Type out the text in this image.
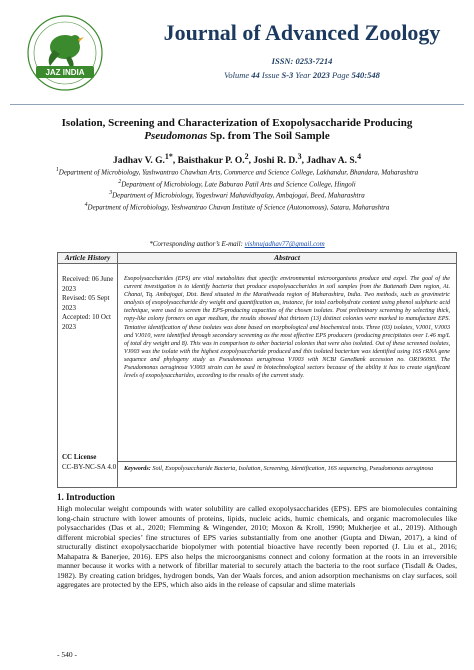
JAZ INDIA
Journal of Advanced Zoology
ISSN: 0253-7214
Volume 44 Issue S-3 Year 2023 Page 540:548
Isolation, Screening and Characterization of Exopolysaccharide Producing
Pseudomonas Sp. from The Soil Sample
Jadhav V. G.$^{1*}$, Baisthakur P. O.$^2$, Joshi R. D.$^3$, Jadhav A. S.$^4$
$^1$Department of Microbiology, Yashwantrao Chawhan Arts, Commerce and Science College, Lakhandur, Bhandara, Maharashtra
$^2$Department of Microbiology, Late Baburao Patil Arts and Science College, Hingoli
$^3$Department of Microbiology, Yogeshwari Mahavidhyalay, Ambajogai, Beed, Maharashtra
$^4$Department of Microbiology, Yeshwantrao Chavan Institute of Science (Autonomous), Satara, Maharashtra
*Corresponding author’s E-mail: vishnujadhav77@gmail.com
Article History	Abstract
Received: 06 June 2023
Revised: 05 Sept 2023
Accepted: 10 Oct 2023
CC License
CC-BY-NC-SA 4.0
Exopolysaccharides (EPS) are vital metabolites that specific environmental microorganisms produce and expel. The goal of the current investigation is to identify bacteria that produce exopolysaccharides in soil samples from the Buttenath Dam region, At. Chanai, Tq. Ambajogai, Dist. Beed situated in the Marathwada region of Maharashtra, India. Two methods, such as gravimetric analysis of exopolysaccharide dry weight and quantification as, instance, for total carbohydrate content using phenol sulphuric acid technique, were used to screen the EPS-producing capacities of the chosen isolates. Post preliminary screening by selecting thick, ropy-like colony formers on agar medium, the results showed that thirteen (13) distinct colonies were marked to manufacture EPS. Tentative identification of these isolates was done based on morphological and biochemical tests. Three (03) isolates, VJ001, VJ003 and VJ010, were identified through secondary screening as the most effective EPS producers (producing precipitates over 1.46 mg/L of total dry weight and 8). This was in comparison to other bacterial colonies that were also isolated. Out of these screened isolates, VJ003 was the isolate with the highest exopolysaccharide produced and this isolated bacterium was identified using 16S rRNA gene sequence and phylogeny study as Pseudomonas aeruginosa VJ003 with NCBI GeneBank accession no. OR196093. The Pseudomonas aeruginosa VJ003 strain can be used in biotechnological sectors because of the ability it has to create significant levels of exopolysaccharides, according to the results of the current study.
Keywords: Soil, Exopolysaccharide Bacteria, Isolation, Screening, Identification, 16S sequencing, Pseudomonas aeruginosa
1. Introduction
High molecular weight compounds with water solubility are called exopolysaccharides (EPS). EPS are biomolecules containing long-chain structure with lower amounts of proteins, lipids, nucleic acids, humic chemicals, and organic macromolecules like polysaccharides (Das et al., 2020; Flemming & Wingender, 2010; Moxon & Kroll, 1990; Mukherjee et al., 2019). Although different microbial species’ fine structures of EPS varies substantially from one another (Gupta and Diwan, 2017), a kind of structurally distinct exopolysaccharide biopolymer with potential bioactive have recently been reported (J. Liu et al., 2016; Mahapatra & Banerjee, 2016). EPS also helps the microorganisms connect and colony formation at the roots in an irreversible manner because it works with a network of fibrillar material to securely attach the bacteria to the root surface (Tisdall & Oades, 1982). By creating cation bridges, hydrogen bonds, Van der Waals forces, and anion adsorption mechanisms on clay surfaces, soil aggregates are protected by the EPS, which also aids in the release of capsular and slime materials
- 540 -
